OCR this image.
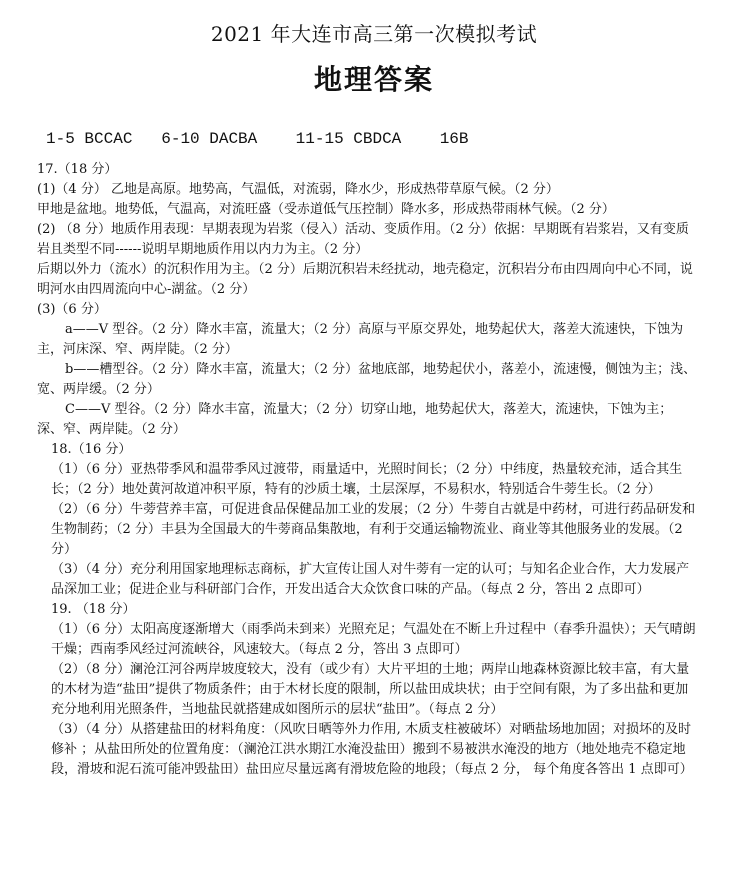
2021 年大连市高三第一次模拟考试
地理答案
1-5 BCCAC 6-10 DACBA 11-15 CBDCA 16B

17.（18 分）

(1)（4 分） 乙地是高原。地势高，气温低，对流弱，降水少，形成热带草原气候。（2 分）

甲地是盆地。地势低，气温高，对流旺盛（受赤道低气压控制）降水多，形成热带雨林气候。（2 分）

(2) （8 分）地质作用表现：早期表现为岩浆（侵入）活动、变质作用。（2 分）依据：早期既有岩浆岩，又有变质岩且类型不同------说明早期地质作用以内力为主。（2 分）

后期以外力（流水）的沉积作用为主。（2 分）后期沉积岩未经扰动，地壳稳定，沉积岩分布由四周向中心不同，说明河水由四周流向中心-湖盆。（2 分）

(3)（6 分）

a——V 型谷。（2 分）降水丰富，流量大；（2 分）高原与平原交界处，地势起伏大，落差大流速快，下蚀为主，河床深、窄、两岸陡。（2 分）

b——槽型谷。（2 分）降水丰富，流量大；（2 分）盆地底部，地势起伏小，落差小，流速慢，侧蚀为主；浅、宽、两岸缓。（2 分）

C——V 型谷。（2 分）降水丰富，流量大；（2 分）切穿山地，地势起伏大，落差大，流速快，下蚀为主；深、窄、两岸陡。（2 分）

18.（16 分）

（1）（6 分）亚热带季风和温带季风过渡带，雨量适中，光照时间长；（2 分）中纬度，热量较充沛，适合其生长；（2 分）地处黄河故道冲积平原，特有的沙质土壤，土层深厚，不易积水，特别适合牛蒡生长。（2 分）

（2）（6 分）牛蒡营养丰富，可促进食品保健品加工业的发展；（2 分）牛蒡自古就是中药材，可进行药品研发和生物制药；（2 分）丰县为全国最大的牛蒡商品集散地，有利于交通运输物流业、商业等其他服务业的发展。（2 分）

（3）（4 分）充分利用国家地理标志商标，扩大宣传让国人对牛蒡有一定的认可；与知名企业合作，大力发展产品深加工业；促进企业与科研部门合作，开发出适合大众饮食口味的产品。（每点 2 分，答出 2 点即可）

19. （18 分）

（1）（6 分）太阳高度逐渐增大（雨季尚未到来）光照充足；气温处在不断上升过程中（春季升温快）；天气晴朗干燥；西南季风经过河流峡谷，风速较大。（每点 2 分，答出 3 点即可）

（2）（8 分）澜沧江河谷两岸坡度较大，没有（或少有）大片平坦的土地；两岸山地森林资源比较丰富，有大量的木材为造“盐田”提供了物质条件；由于木材长度的限制，所以盐田成块状；由于空间有限，为了多出盐和更加充分地利用光照条件，当地盐民就搭建成如图所示的层状“盐田”。（每点 2 分）

（3）（4 分）从搭建盐田的材料角度：（风吹日晒等外力作用, 木质支柱被破坏）对晒盐场地加固；对损坏的及时修补 ；从盐田所处的位置角度：（澜沧江洪水期江水淹没盐田）搬到不易被洪水淹没的地方（地处地壳不稳定地段，滑坡和泥石流可能冲毁盐田）盐田应尽量远离有滑坡危险的地段；（每点 2 分， 每个角度各答出 1 点即可）
